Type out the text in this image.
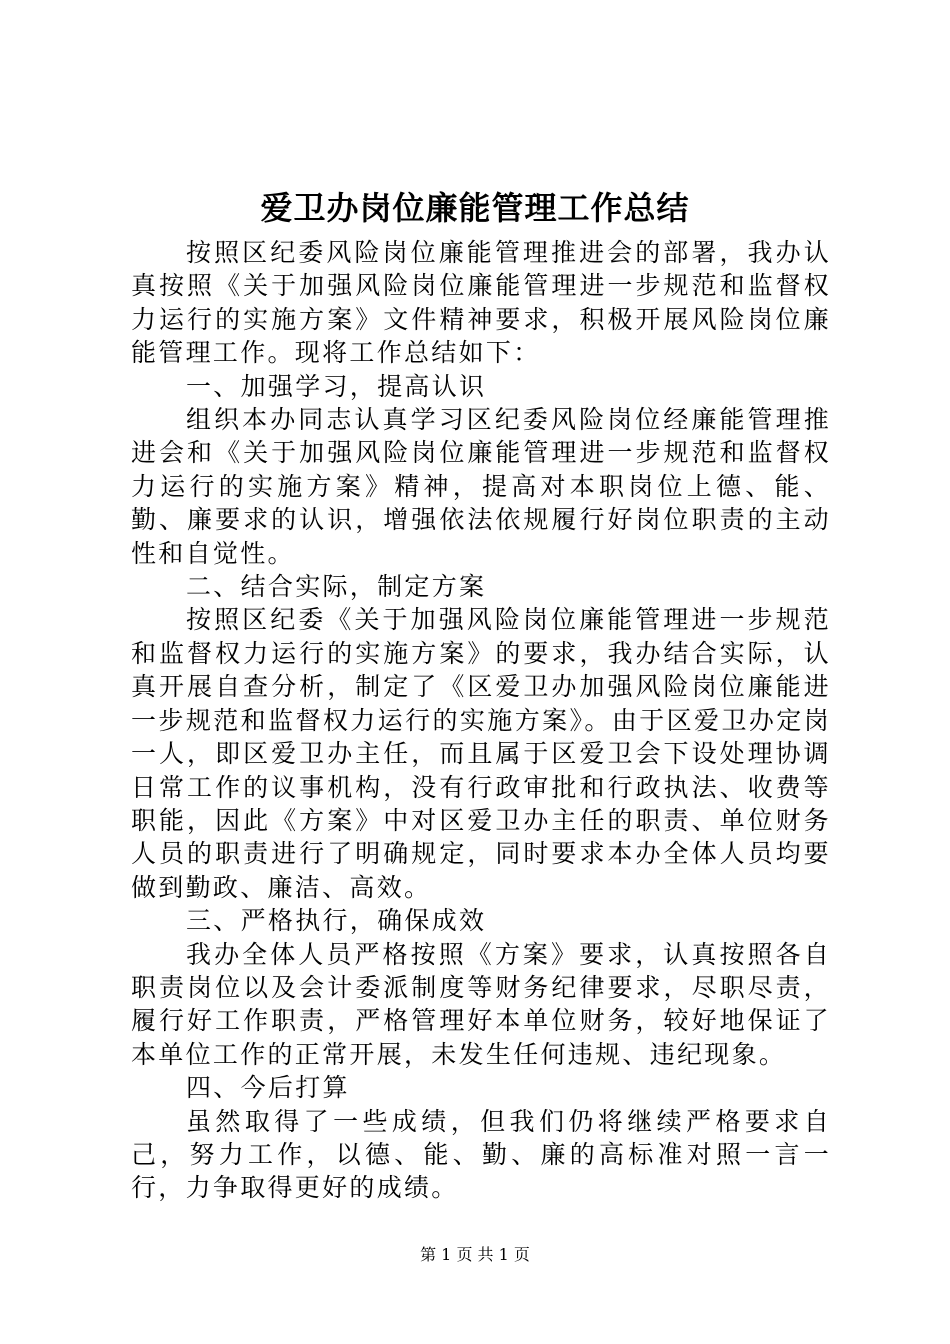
爱卫办岗位廉能管理工作总结

按照区纪委风险岗位廉能管理推进会的部署，我办认真按照《关于加强风险岗位廉能管理进一步规范和监督权力运行的实施方案》文件精神要求，积极开展风险岗位廉能管理工作。现将工作总结如下：

一、加强学习，提高认识

组织本办同志认真学习区纪委风险岗位经廉能管理推进会和《关于加强风险岗位廉能管理进一步规范和监督权力运行的实施方案》精神，提高对本职岗位上德、能、勤、廉要求的认识，增强依法依规履行好岗位职责的主动性和自觉性。

二、结合实际，制定方案

按照区纪委《关于加强风险岗位廉能管理进一步规范和监督权力运行的实施方案》的要求，我办结合实际，认真开展自查分析，制定了《区爱卫办加强风险岗位廉能进一步规范和监督权力运行的实施方案》。由于区爱卫办定岗一人，即区爱卫办主任，而且属于区爱卫会下设处理协调日常工作的议事机构，没有行政审批和行政执法、收费等职能，因此《方案》中对区爱卫办主任的职责、单位财务人员的职责进行了明确规定，同时要求本办全体人员均要做到勤政、廉洁、高效。

三、严格执行，确保成效

我办全体人员严格按照《方案》要求，认真按照各自职责岗位以及会计委派制度等财务纪律要求，尽职尽责，履行好工作职责，严格管理好本单位财务，较好地保证了本单位工作的正常开展，未发生任何违规、违纪现象。

四、今后打算

虽然取得了一些成绩，但我们仍将继续严格要求自己，努力工作，以德、能、勤、廉的高标准对照一言一行，力争取得更好的成绩。

第 1 页 共 1 页
